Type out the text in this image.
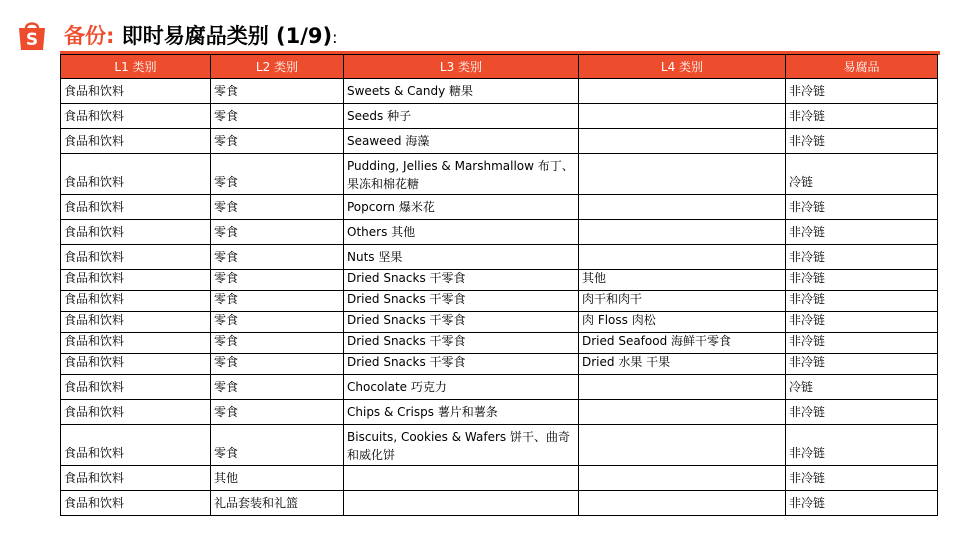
S 备份: 即时易腐品类别 (1/9):
L1 类别	L2 类别	L3 类别	L4 类别	易腐品
食品和饮料	零食	Sweets & Candy 糖果		非冷链
食品和饮料	零食	Seeds 种子		非冷链
食品和饮料	零食	Seaweed 海藻		非冷链
食品和饮料	零食	Pudding, Jellies & Marshmallow 布丁、果冻和棉花糖		冷链
食品和饮料	零食	Popcorn 爆米花		非冷链
食品和饮料	零食	Others 其他		非冷链
食品和饮料	零食	Nuts 坚果		非冷链
食品和饮料	零食	Dried Snacks 干零食	其他	非冷链
食品和饮料	零食	Dried Snacks 干零食	肉干和肉干	非冷链
食品和饮料	零食	Dried Snacks 干零食	肉 Floss 肉松	非冷链
食品和饮料	零食	Dried Snacks 干零食	Dried Seafood 海鲜干零食	非冷链
食品和饮料	零食	Dried Snacks 干零食	Dried 水果 干果	非冷链
食品和饮料	零食	Chocolate 巧克力		冷链
食品和饮料	零食	Chips & Crisps 薯片和薯条		非冷链
食品和饮料	零食	Biscuits, Cookies & Wafers 饼干、曲奇和威化饼		非冷链
食品和饮料	其他			非冷链
食品和饮料	礼品套装和礼篮			非冷链
